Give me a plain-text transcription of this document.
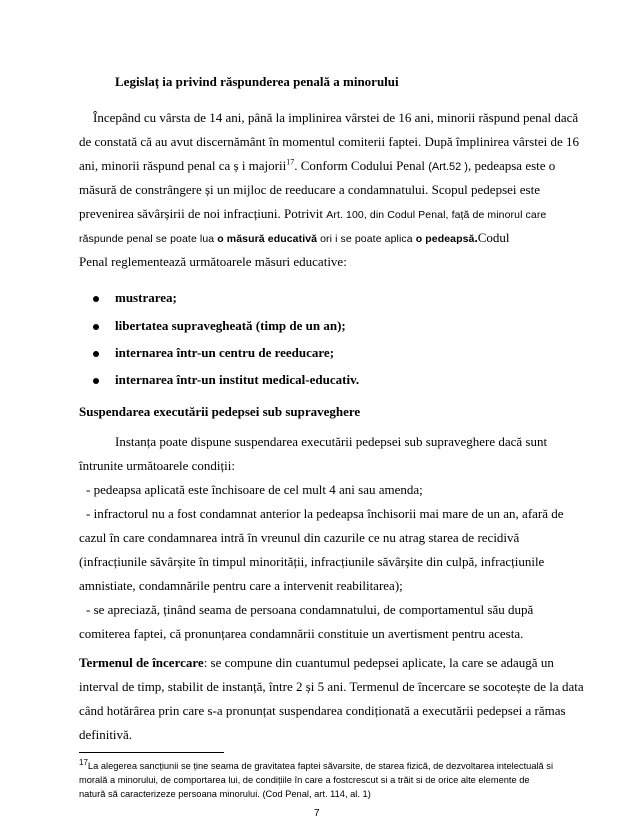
Legislaț ia privind răspunderea penală a minorului
Începând cu vârsta de 14 ani, până la implinirea vârstei de 16 ani, minorii răspund penal dacă
de constată că au avut discernământ în momentul comiterii faptei. După împlinirea vârstei de 16
ani, minorii răspund penal ca ș i majorii$^{17}$. Conform Codului Penal (Art.52 ), pedeapsa este o
măsură de constrângere și un mijloc de reeducare a condamnatului. Scopul pedepsei este
prevenirea săvârșirii de noi infracțiuni. Potrivit Art. 100, din Codul Penal, față de minorul care
răspunde penal se poate lua o măsură educativă ori i se poate aplica o pedeapsă.Codul
Penal reglementează următoarele măsuri educative:
mustrarea;
libertatea supravegheată (timp de un an);
internarea într-un centru de reeducare;
internarea într-un institut medical-educativ.
Suspendarea executării pedepsei sub supraveghere
Instanța poate dispune suspendarea executării pedepsei sub supraveghere dacă sunt
întrunite următoarele condiții:
- pedeapsa aplicată este închisoare de cel mult 4 ani sau amenda;
- infractorul nu a fost condamnat anterior la pedeapsa închisorii mai mare de un an, afară de
cazul în care condamnarea intră în vreunul din cazurile ce nu atrag starea de recidivă
(infracțiunile săvârșite în timpul minorității, infracțiunile săvârșite din culpă, infracțiunile
amnistiate, condamnările pentru care a intervenit reabilitarea);
- se apreciază, ținând seama de persoana condamnatului, de comportamentul său după
comiterea faptei, că pronunțarea condamnării constituie un avertisment pentru acesta.
Termenul de încercare: se compune din cuantumul pedepsei aplicate, la care se adaugă un
interval de timp, stabilit de instanță, între 2 și 5 ani. Termenul de încercare se socotește de la data
când hotărârea prin care s-a pronunțat suspendarea condiționată a executării pedepsei a rămas
definitivă.
$^{17}$La alegerea sancțiunii se ține seama de gravitatea faptei săvarsite, de starea fizică, de dezvoltarea intelectuală si
morală a minorului, de comportarea lui, de condițiile în care a fostcrescut si a trăit si de orice alte elemente de
natură să caracterizeze persoana minorului. (Cod Penal, art. 114, al. 1)
7
